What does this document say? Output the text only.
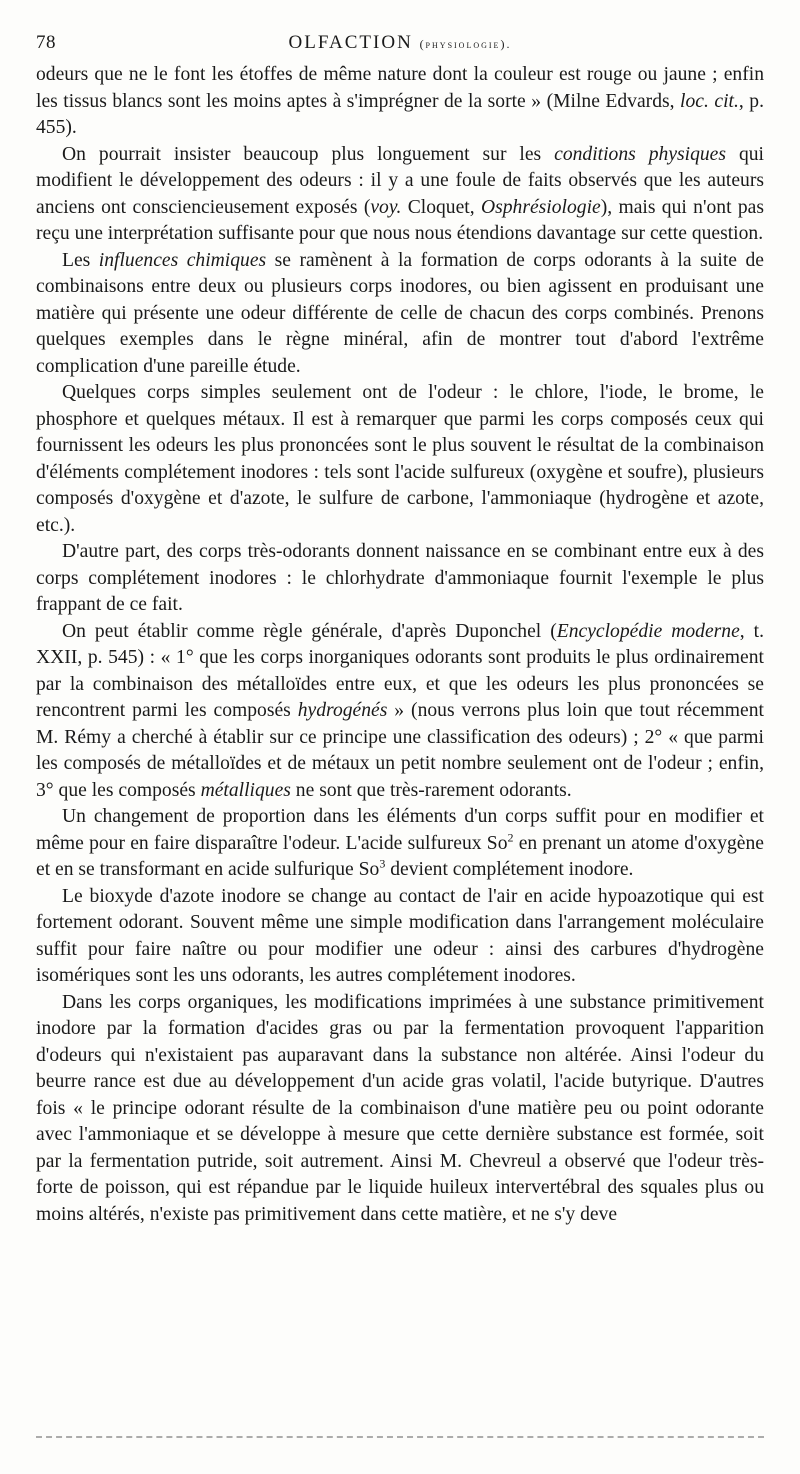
78	OLFACTION (physiologie).

odeurs que ne le font les étoffes de même nature dont la couleur est rouge ou jaune ; enfin les tissus blancs sont les moins aptes à s'imprégner de la sorte » (Milne Edvards, loc. cit., p. 455).

On pourrait insister beaucoup plus longuement sur les conditions physiques qui modifient le développement des odeurs : il y a une foule de faits observés que les auteurs anciens ont consciencieusement exposés (voy. Cloquet, Osphrésiologie), mais qui n'ont pas reçu une interprétation suffisante pour que nous nous étendions davantage sur cette question.

Les influences chimiques se ramènent à la formation de corps odorants à la suite de combinaisons entre deux ou plusieurs corps inodores, ou bien agissent en produisant une matière qui présente une odeur différente de celle de chacun des corps combinés. Prenons quelques exemples dans le règne minéral, afin de montrer tout d'abord l'extrême complication d'une pareille étude.

Quelques corps simples seulement ont de l'odeur : le chlore, l'iode, le brome, le phosphore et quelques métaux. Il est à remarquer que parmi les corps composés ceux qui fournissent les odeurs les plus prononcées sont le plus souvent le résultat de la combinaison d'éléments complétement inodores : tels sont l'acide sulfureux (oxygène et soufre), plusieurs composés d'oxygène et d'azote, le sulfure de carbone, l'ammoniaque (hydrogène et azote, etc.).

D'autre part, des corps très-odorants donnent naissance en se combinant entre eux à des corps complétement inodores : le chlorhydrate d'ammoniaque fournit l'exemple le plus frappant de ce fait.

On peut établir comme règle générale, d'après Duponchel (Encyclopédie moderne, t. XXII, p. 545) : « 1° que les corps inorganiques odorants sont produits le plus ordinairement par la combinaison des métalloïdes entre eux, et que les odeurs les plus prononcées se rencontrent parmi les composés hydrogénés » (nous verrons plus loin que tout récemment M. Rémy a cherché à établir sur ce principe une classification des odeurs) ; 2° « que parmi les composés de métalloïdes et de métaux un petit nombre seulement ont de l'odeur ; enfin, 3° que les composés métalliques ne sont que très-rarement odorants.

Un changement de proportion dans les éléments d'un corps suffit pour en modifier et même pour en faire disparaître l'odeur. L'acide sulfureux So$^2$ en prenant un atome d'oxygène et en se transformant en acide sulfurique So$^3$ devient complétement inodore.

Le bioxyde d'azote inodore se change au contact de l'air en acide hypoazotique qui est fortement odorant. Souvent même une simple modification dans l'arrangement moléculaire suffit pour faire naître ou pour modifier une odeur : ainsi des carbures d'hydrogène isomériques sont les uns odorants, les autres complétement inodores.

Dans les corps organiques, les modifications imprimées à une substance primitivement inodore par la formation d'acides gras ou par la fermentation provoquent l'apparition d'odeurs qui n'existaient pas auparavant dans la substance non altérée. Ainsi l'odeur du beurre rance est due au développement d'un acide gras volatil, l'acide butyrique. D'autres fois « le principe odorant résulte de la combinaison d'une matière peu ou point odorante avec l'ammoniaque et se développe à mesure que cette dernière substance est formée, soit par la fermentation putride, soit autrement. Ainsi M. Chevreul a observé que l'odeur très-forte de poisson, qui est répandue par le liquide huileux intervertébral des squales plus ou moins altérés, n'existe pas primitivement dans cette matière, et ne s'y deve
